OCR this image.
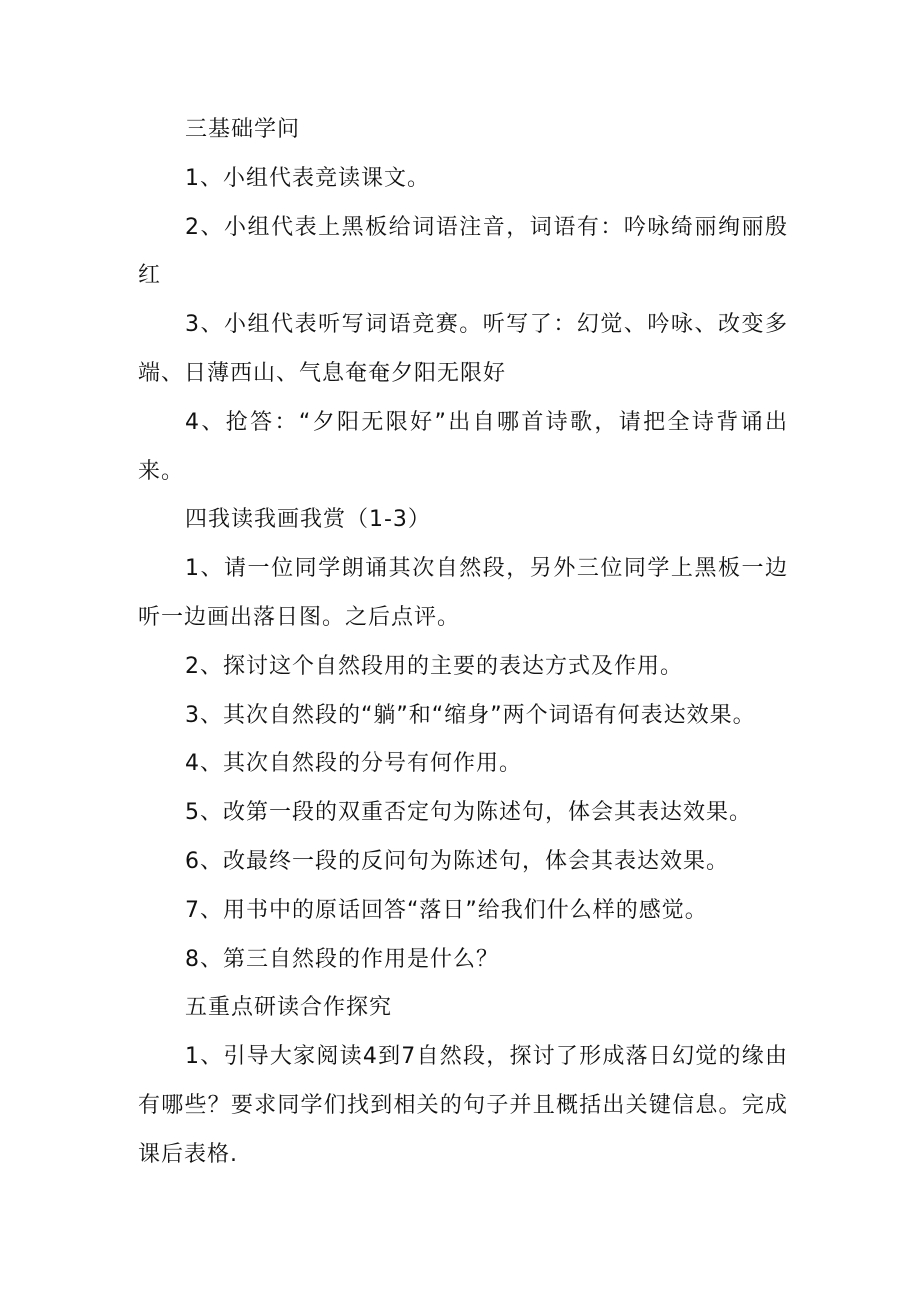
三基础学问

1、小组代表竞读课文。

2、小组代表上黑板给词语注音，词语有：吟咏绮丽绚丽殷红

3、小组代表听写词语竞赛。听写了：幻觉、吟咏、改变多端、日薄西山、气息奄奄夕阳无限好

4、抢答：“夕阳无限好”出自哪首诗歌，请把全诗背诵出来。

四我读我画我赏（1-3）

1、请一位同学朗诵其次自然段，另外三位同学上黑板一边听一边画出落日图。之后点评。

2、探讨这个自然段用的主要的表达方式及作用。

3、其次自然段的“躺”和“缩身”两个词语有何表达效果。

4、其次自然段的分号有何作用。

5、改第一段的双重否定句为陈述句，体会其表达效果。

6、改最终一段的反问句为陈述句，体会其表达效果。

7、用书中的原话回答“落日”给我们什么样的感觉。

8、第三自然段的作用是什么？

五重点研读合作探究

1、引导大家阅读4到7自然段，探讨了形成落日幻觉的缘由有哪些？要求同学们找到相关的句子并且概括出关键信息。完成课后表格.
